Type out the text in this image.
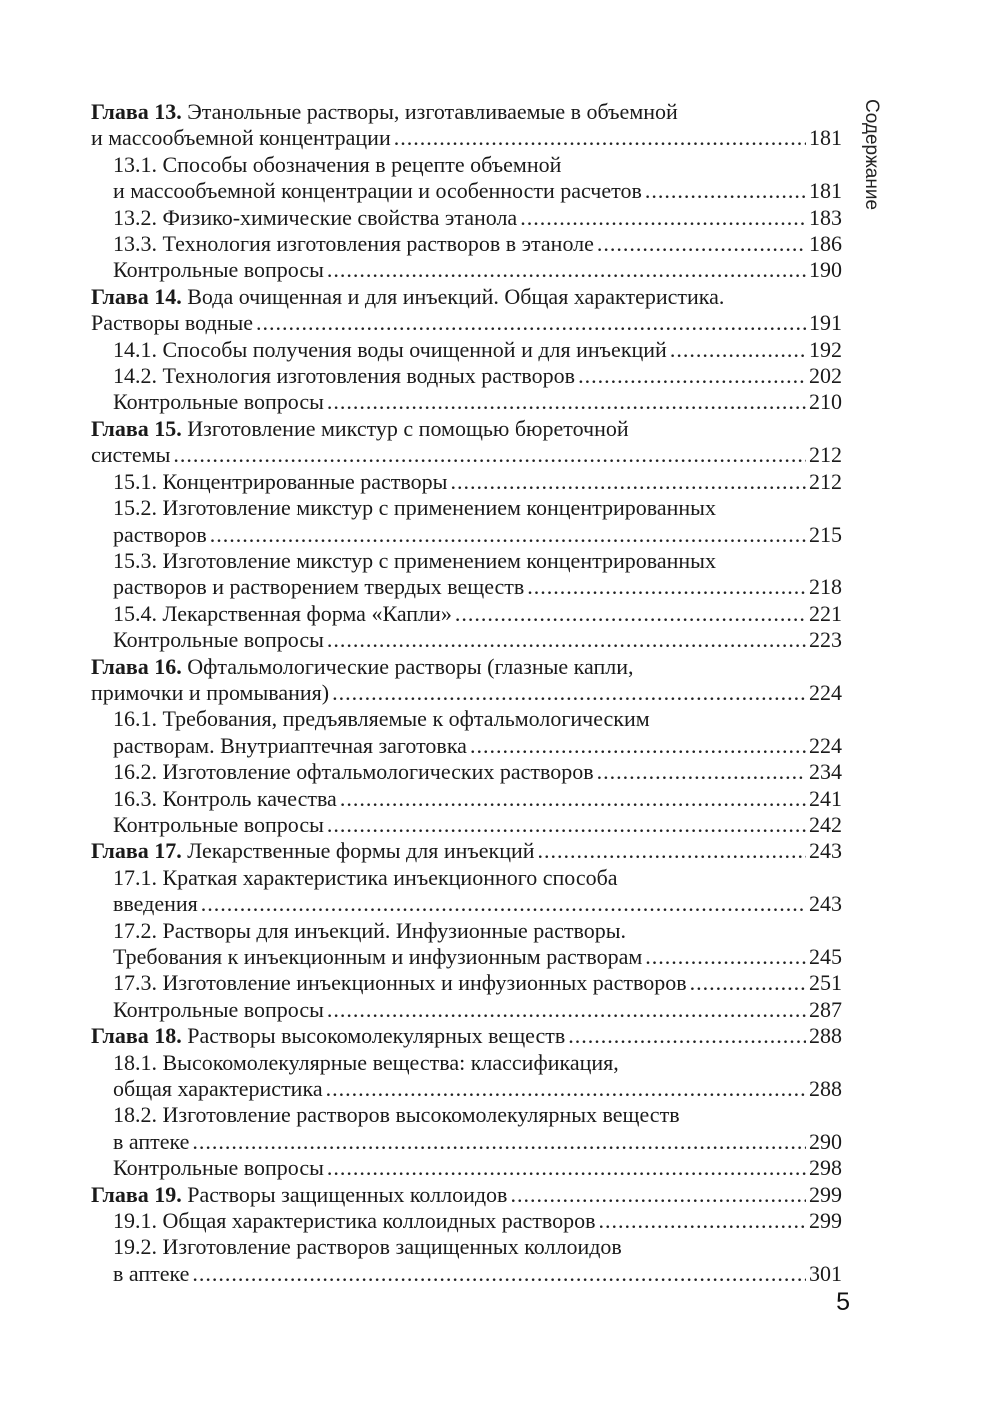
Глава 13. Этанольные растворы, изготавливаемые в объемной
и массообъемной концентрации .....	181
13.1. Способы обозначения в рецепте объемной
и массообъемной концентрации и особенности расчетов .....	181
13.2. Физико-химические свойства этанола .....	183
13.3. Технология изготовления растворов в этаноле .....	186
Контрольные вопросы .....	190
Глава 14. Вода очищенная и для инъекций. Общая характеристика.
Растворы водные .....	191
14.1. Способы получения воды очищенной и для инъекций .....	192
14.2. Технология изготовления водных растворов .....	202
Контрольные вопросы .....	210
Глава 15. Изготовление микстур с помощью бюреточной
системы .....	212
15.1. Концентрированные растворы .....	212
15.2. Изготовление микстур с применением концентрированных
растворов .....	215
15.3. Изготовление микстур с применением концентрированных
растворов и растворением твердых веществ .....	218
15.4. Лекарственная форма «Капли» .....	221
Контрольные вопросы .....	223
Глава 16. Офтальмологические растворы (глазные капли,
примочки и промывания) .....	224
16.1. Требования, предъявляемые к офтальмологическим
растворам. Внутриаптечная заготовка .....	224
16.2. Изготовление офтальмологических растворов .....	234
16.3. Контроль качества .....	241
Контрольные вопросы .....	242
Глава 17. Лекарственные формы для инъекций .....	243
17.1. Краткая характеристика инъекционного способа
введения .....	243
17.2. Растворы для инъекций. Инфузионные растворы.
Требования к инъекционным и инфузионным растворам .....	245
17.3. Изготовление инъекционных и инфузионных растворов .....	251
Контрольные вопросы .....	287
Глава 18. Растворы высокомолекулярных веществ .....	288
18.1. Высокомолекулярные вещества: классификация,
общая характеристика .....	288
18.2. Изготовление растворов высокомолекулярных веществ
в аптеке .....	290
Контрольные вопросы .....	298
Глава 19. Растворы защищенных коллоидов .....	299
19.1. Общая характеристика коллоидных растворов .....	299
19.2. Изготовление растворов защищенных коллоидов
в аптеке .....	301
Содержание
5
